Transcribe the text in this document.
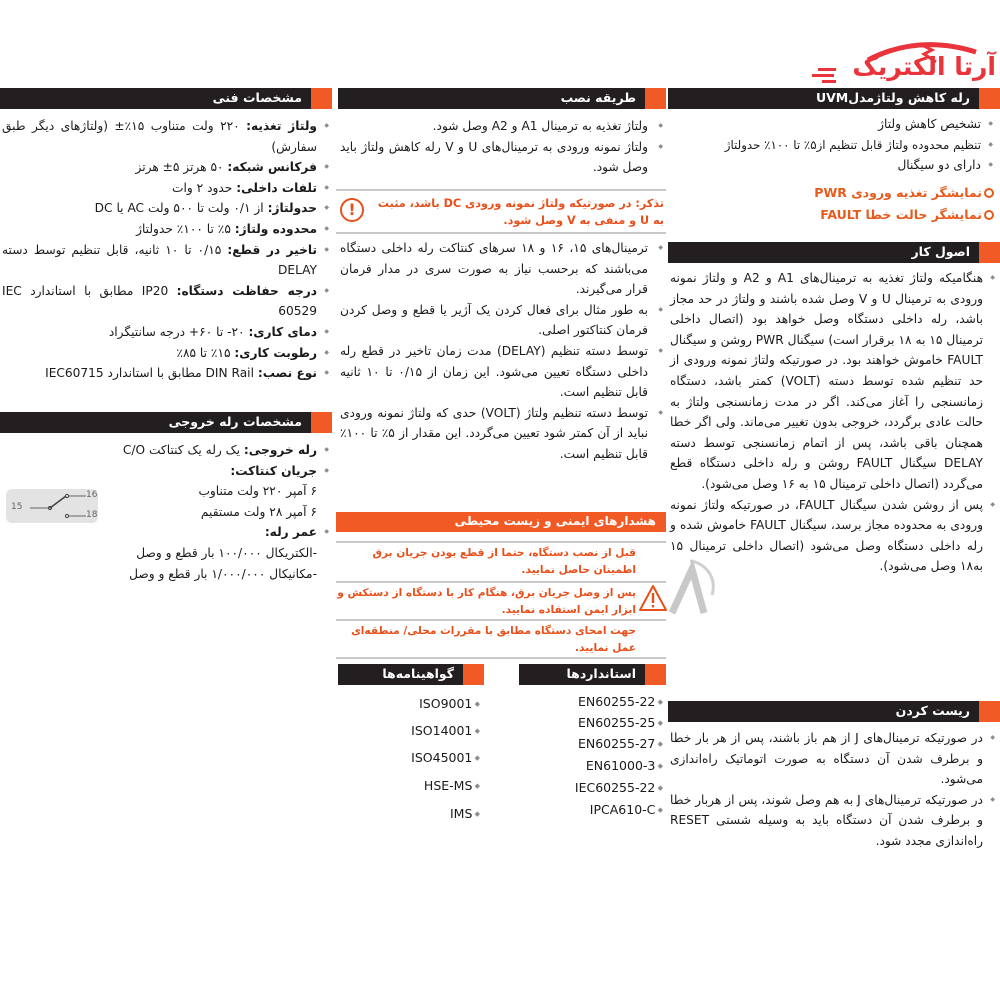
آرتا الکتریک
رله کاهش ولتاژمدلUVM
◆ تشخیص کاهش ولتاژ
◆ تنظیم محدوده ولتاژ قابل تنظیم از۵٪ تا ۱۰۰٪ حدولتاژ
◆ دارای دو سیگنال
نمایشگر تغذیه ورودی PWR
نمایشگر حالت خطا FAULT
اصول کار
◆ هنگامیکه ولتاژ تغذیه به ترمینال‌های A1 و A2 و ولتاژ نمونه ورودی به ترمینال U و V وصل شده باشند و ولتاژ در حد مجاز باشد، رله داخلی دستگاه وصل خواهد بود (اتصال داخلی ترمینال ۱۵ به ۱۸ برقرار است) سیگنال PWR روشن و سیگنال FAULT خاموش خواهند بود. در صورتیکه ولتاژ نمونه ورودی از حد تنظیم شده توسط دسته (VOLT) کمتر باشد، دستگاه زمانسنجی را آغاز می‌کند. اگر در مدت زمانسنجی ولتاژ به حالت عادی برگردد، خروجی بدون تغییر می‌ماند. ولی اگر خطا همچنان باقی باشد، پس از اتمام زمانسنجی توسط دسته DELAY سیگنال FAULT روشن و رله داخلی دستگاه قطع می‌گردد (اتصال داخلی ترمینال ۱۵ به ۱۶ وصل می‌شود).
◆ پس از روشن شدن سیگنال FAULT، در صورتیکه ولتاژ نمونه ورودی به محدوده مجاز برسد، سیگنال FAULT خاموش شده و رله داخلی دستگاه وصل می‌شود (اتصال داخلی ترمینال ۱۵ به۱۸ وصل می‌شود).
ریست کردن
◆ در صورتیکه ترمینال‌های J از هم باز باشند، پس از هر بار خطا و برطرف شدن آن دستگاه به صورت اتوماتیک راه‌اندازی می‌شود.
◆ در صورتیکه ترمینال‌های J به هم وصل شوند، پس از هربار خطا و برطرف شدن آن دستگاه باید به وسیله شستی RESET راه‌اندازی مجدد شود.
طریقه نصب
◆ ولتاژ تغذیه به ترمینال A1 و A2 وصل شود.
◆ ولتاژ نمونه ورودی به ترمینال‌های U و V رله کاهش ولتاژ باید وصل شود.
!	تذکر: در صورتیکه ولتاژ نمونه ورودی DC باشد، مثبت به U و منفی به V وصل شود.
◆ ترمینال‌های ۱۵، ۱۶ و ۱۸ سرهای کنتاکت رله داخلی دستگاه می‌باشند که برحسب نیاز به صورت سری در مدار فرمان قرار می‌گیرند.
◆ به طور مثال برای فعال کردن یک آژیر یا قطع و وصل کردن فرمان کنتاکتور اصلی.
◆ توسط دسته تنظیم (DELAY) مدت زمان تاخیر در قطع رله داخلی دستگاه تعیین می‌شود. این زمان از ۰/۱۵ تا ۱۰ ثانیه قابل تنظیم است.
◆ توسط دسته تنظیم ولتاژ (VOLT) حدی که ولتاژ نمونه ورودی نباید از آن کمتر شود تعیین می‌گردد. این مقدار از ۵٪ تا ۱۰۰٪ قابل تنظیم است.
هشدارهای ایمنی و زیست محیطی
قبل از نصب دستگاه، حتما از قطع بودن جریان برق اطمینان حاصل نمایید.
پس از وصل جریان برق، هنگام کار با دستگاه از دستکش و ابزار ایمن استفاده نمایید.
جهت امحای دستگاه مطابق با مقررات محلی/ منطقه‌ای عمل نمایید.
استانداردها
EN60255-22 ◆
EN60255-25 ◆
EN60255-27 ◆
EN61000-3 ◆
IEC60255-22 ◆
IPCA610-C ◆
گواهینامه‌ها
ISO9001 ◆
ISO14001 ◆
ISO45001 ◆
HSE-MS ◆
IMS ◆
مشخصات فنی
◆ ولتاژ تغذیه: ۲۲۰ ولت متناوب ۱۵٪± (ولتاژهای دیگر طبق سفارش)
◆ فرکانس شبکه: ۵۰ هرتز ۵± هرتز
◆ تلفات داخلی: حدود ۲ وات
◆ حدولتاژ: از ۰/۱ ولت تا ۵۰۰ ولت AC یا DC
◆ محدوده ولتاژ: ۵٪ تا ۱۰۰٪ حدولتاژ
◆ تاخیر در قطع: ۰/۱۵ تا ۱۰ ثانیه، قابل تنظیم توسط دسته DELAY
◆ درجه حفاظت دستگاه: IP20 مطابق با استاندارد IEC 60529
◆ دمای کاری: ۲۰- تا ۶۰+ درجه سانتیگراد
◆ رطوبت کاری: ۱۵٪ تا ۸۵٪
◆ نوع نصب: DIN Rail مطابق با استاندارد IEC60715
مشخصات رله خروجی
◆ رله خروجی: یک رله یک کنتاکت C/O
◆ جریان کنتاکت:
۶ آمپر ۲۲۰ ولت متناوب
۶ آمپر ۲۸ ولت مستقیم
◆ عمر رله:
-الکتریکال ۱۰۰/۰۰۰ بار قطع و وصل
-مکانیکال ۱/۰۰۰/۰۰۰ بار قطع و وصل
15
16
18
